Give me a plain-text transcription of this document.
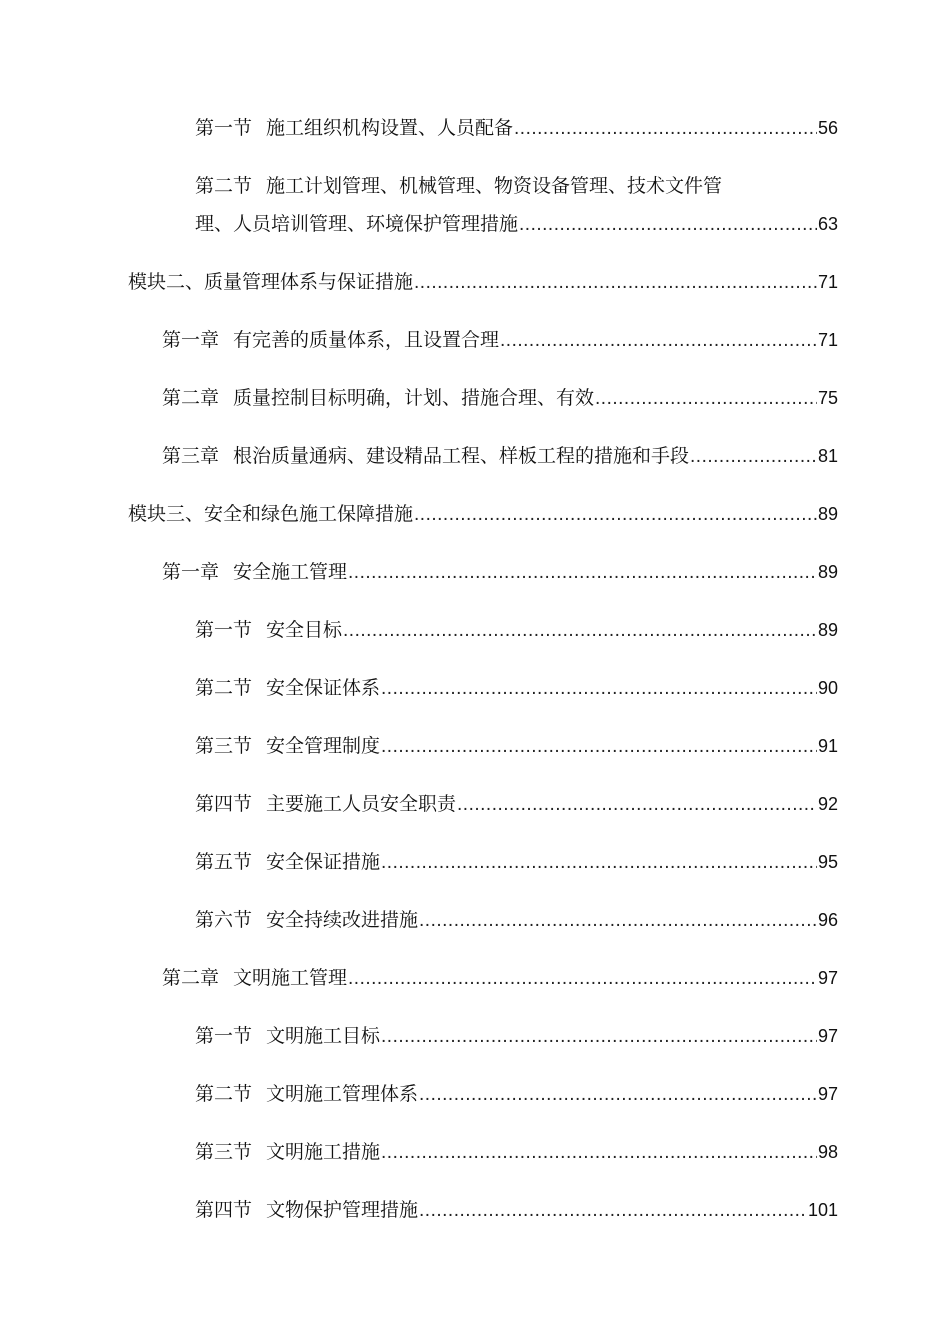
第一节 施工组织机构设置、人员配备 .....	56
第二节 施工计划管理、机械管理、物资设备管理、技术文件管
理、人员培训管理、环境保护管理措施 .....	63
模块二、质量管理体系与保证措施 .....	71
第一章 有完善的质量体系，且设置合理 .....	71
第二章 质量控制目标明确，计划、措施合理、有效 .....	75
第三章 根治质量通病、建设精品工程、样板工程的措施和手段 .....	81
模块三、安全和绿色施工保障措施 .....	89
第一章 安全施工管理 .....	89
第一节 安全目标 .....	89
第二节 安全保证体系 .....	90
第三节 安全管理制度 .....	91
第四节 主要施工人员安全职责 .....	92
第五节 安全保证措施 .....	95
第六节 安全持续改进措施 .....	96
第二章 文明施工管理 .....	97
第一节 文明施工目标 .....	97
第二节 文明施工管理体系 .....	97
第三节 文明施工措施 .....	98
第四节 文物保护管理措施 .....	101
